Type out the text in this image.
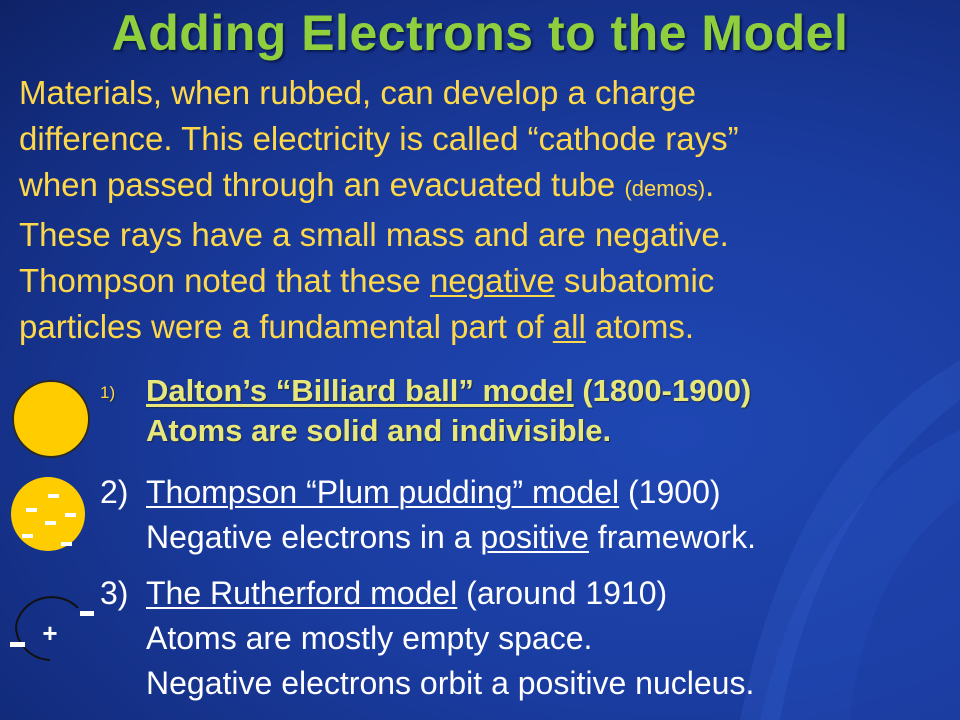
Adding Electrons to the Model
Materials, when rubbed, can develop a charge
difference. This electricity is called “cathode rays”
when passed through an evacuated tube (demos).
These rays have a small mass and are negative.
Thompson noted that these negative subatomic
particles were a fundamental part of all atoms.
+
1) Dalton’s “Billiard ball” model (1800-1900)
Atoms are solid and indivisible.
2) Thompson “Plum pudding” model (1900)
Negative electrons in a positive framework.
3) The Rutherford model (around 1910)
Atoms are mostly empty space.
Negative electrons orbit a positive nucleus.
